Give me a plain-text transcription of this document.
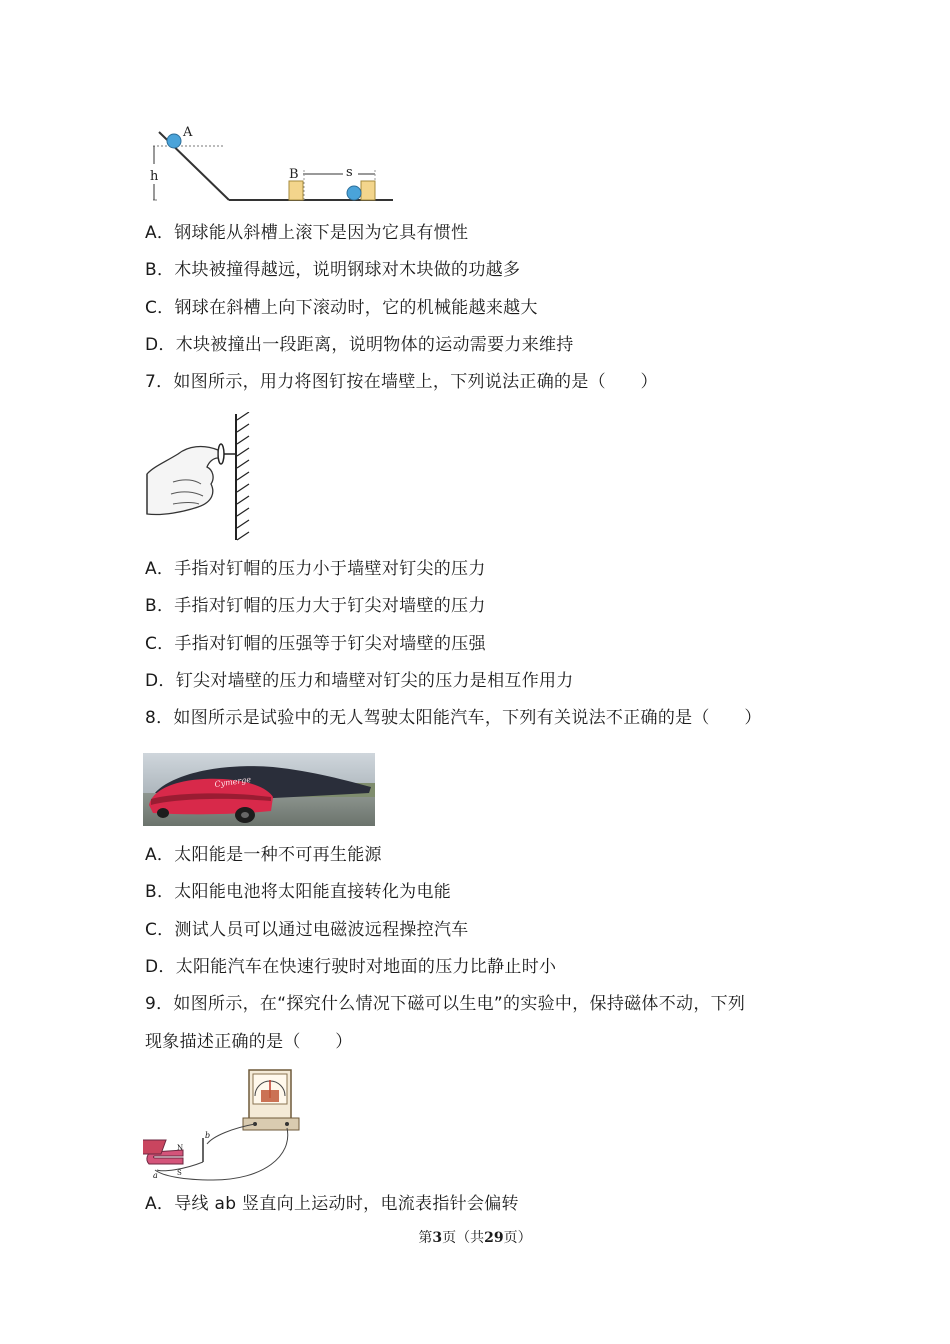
h
A
B	s
A．钢球能从斜槽上滚下是因为它具有惯性
B．木块被撞得越远，说明钢球对木块做的功越多
C．钢球在斜槽上向下滚动时，它的机械能越来越大
D．木块被撞出一段距离，说明物体的运动需要力来维持
7．如图所示，用力将图钉按在墙壁上，下列说法正确的是（　　）
A．手指对钉帽的压力小于墙壁对钉尖的压力
B．手指对钉帽的压力大于钉尖对墙壁的压力
C．手指对钉帽的压强等于钉尖对墙壁的压强
D．钉尖对墙壁的压力和墙壁对钉尖的压力是相互作用力
8．如图所示是试验中的无人驾驶太阳能汽车，下列有关说法不正确的是（　　）
Cymerge
A．太阳能是一种不可再生能源
B．太阳能电池将太阳能直接转化为电能
C．测试人员可以通过电磁波远程操控汽车
D．太阳能汽车在快速行驶时对地面的压力比静止时小
9．如图所示，在“探究什么情况下磁可以生电”的实验中，保持磁体不动，下列
现象描述正确的是（　　）
N
S
b
a
A．导线 ab 竖直向上运动时，电流表指针会偏转
第3页（共29页）
